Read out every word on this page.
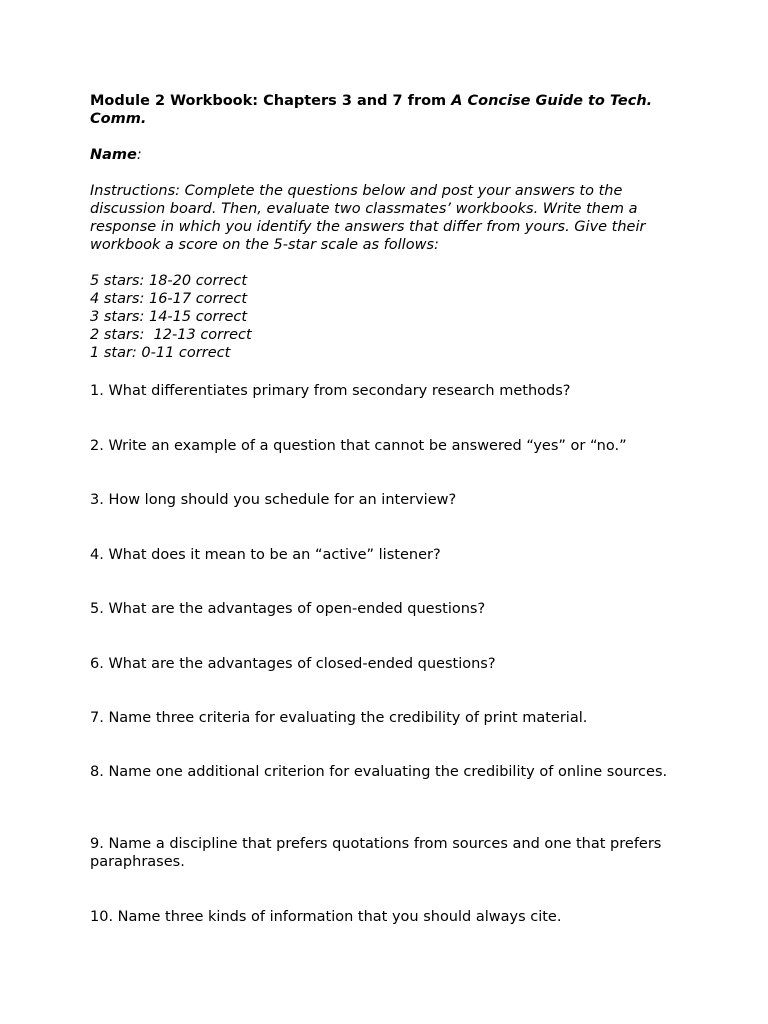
Module 2 Workbook: Chapters 3 and 7 from A Concise Guide to Tech. Comm.

Name:
Instructions: Complete the questions below and post your answers to the discussion board. Then, evaluate two classmates’ workbooks. Write them a response in which you identify the answers that differ from yours. Give their workbook a score on the 5-star scale as follows:
5 stars: 18-20 correct
4 stars: 16-17 correct
3 stars: 14-15 correct
2 stars:  12-13 correct
1 star: 0-11 correct

1. What differentiates primary from secondary research methods?

2. Write an example of a question that cannot be answered “yes” or “no.”

3. How long should you schedule for an interview?

4. What does it mean to be an “active” listener?

5. What are the advantages of open-ended questions?

6. What are the advantages of closed-ended questions?

7. Name three criteria for evaluating the credibility of print material.

8. Name one additional criterion for evaluating the credibility of online sources.

9. Name a discipline that prefers quotations from sources and one that prefers paraphrases.

10. Name three kinds of information that you should always cite.
